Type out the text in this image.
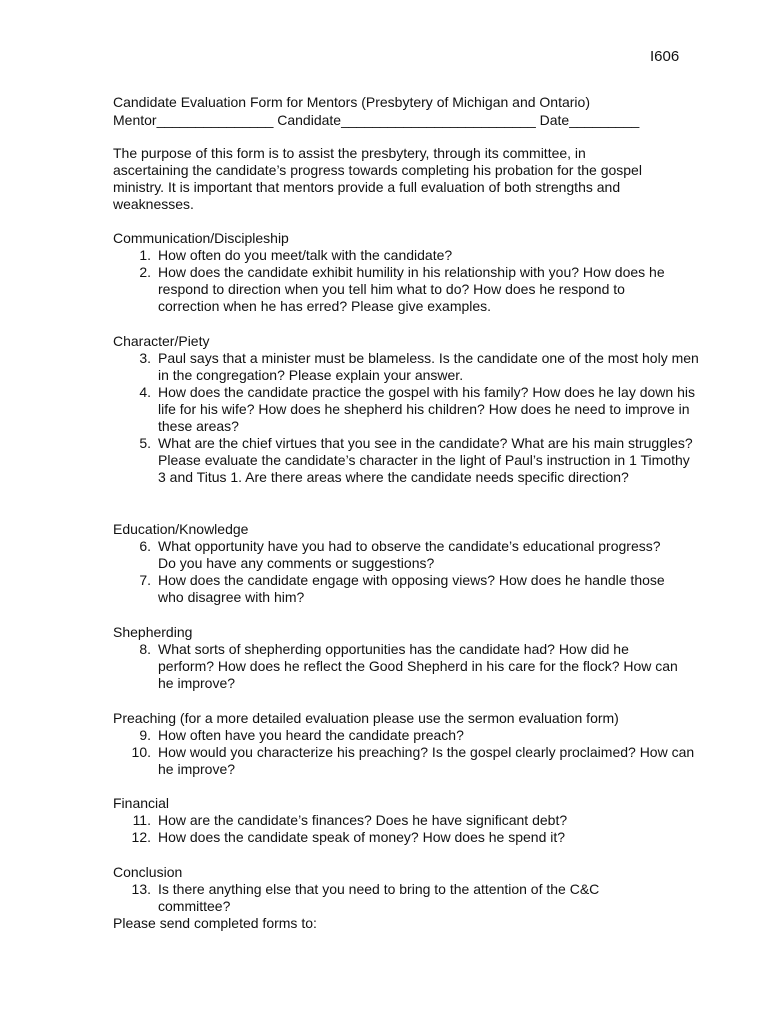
I606
Candidate Evaluation Form for Mentors (Presbytery of Michigan and Ontario)
Mentor_______________ Candidate_________________________ Date_________
The purpose of this form is to assist the presbytery, through its committee, in ascertaining the candidate’s progress towards completing his probation for the gospel ministry. It is important that mentors provide a full evaluation of both strengths and weaknesses.
Communication/Discipleship
1. How often do you meet/talk with the candidate?
2. How does the candidate exhibit humility in his relationship with you? How does he respond to direction when you tell him what to do? How does he respond to correction when he has erred? Please give examples.
Character/Piety
3. Paul says that a minister must be blameless. Is the candidate one of the most holy men in the congregation? Please explain your answer.
4. How does the candidate practice the gospel with his family? How does he lay down his life for his wife? How does he shepherd his children? How does he need to improve in these areas?
5. What are the chief virtues that you see in the candidate? What are his main struggles? Please evaluate the candidate’s character in the light of Paul’s instruction in 1 Timothy 3 and Titus 1. Are there areas where the candidate needs specific direction?
Education/Knowledge
6. What opportunity have you had to observe the candidate’s educational progress? Do you have any comments or suggestions?
7. How does the candidate engage with opposing views? How does he handle those who disagree with him?
Shepherding
8. What sorts of shepherding opportunities has the candidate had? How did he perform? How does he reflect the Good Shepherd in his care for the flock? How can he improve?
Preaching (for a more detailed evaluation please use the sermon evaluation form)
9. How often have you heard the candidate preach?
10. How would you characterize his preaching? Is the gospel clearly proclaimed? How can he improve?
Financial
11. How are the candidate’s finances? Does he have significant debt?
12. How does the candidate speak of money? How does he spend it?
Conclusion
13. Is there anything else that you need to bring to the attention of the C&C committee?
Please send completed forms to:
